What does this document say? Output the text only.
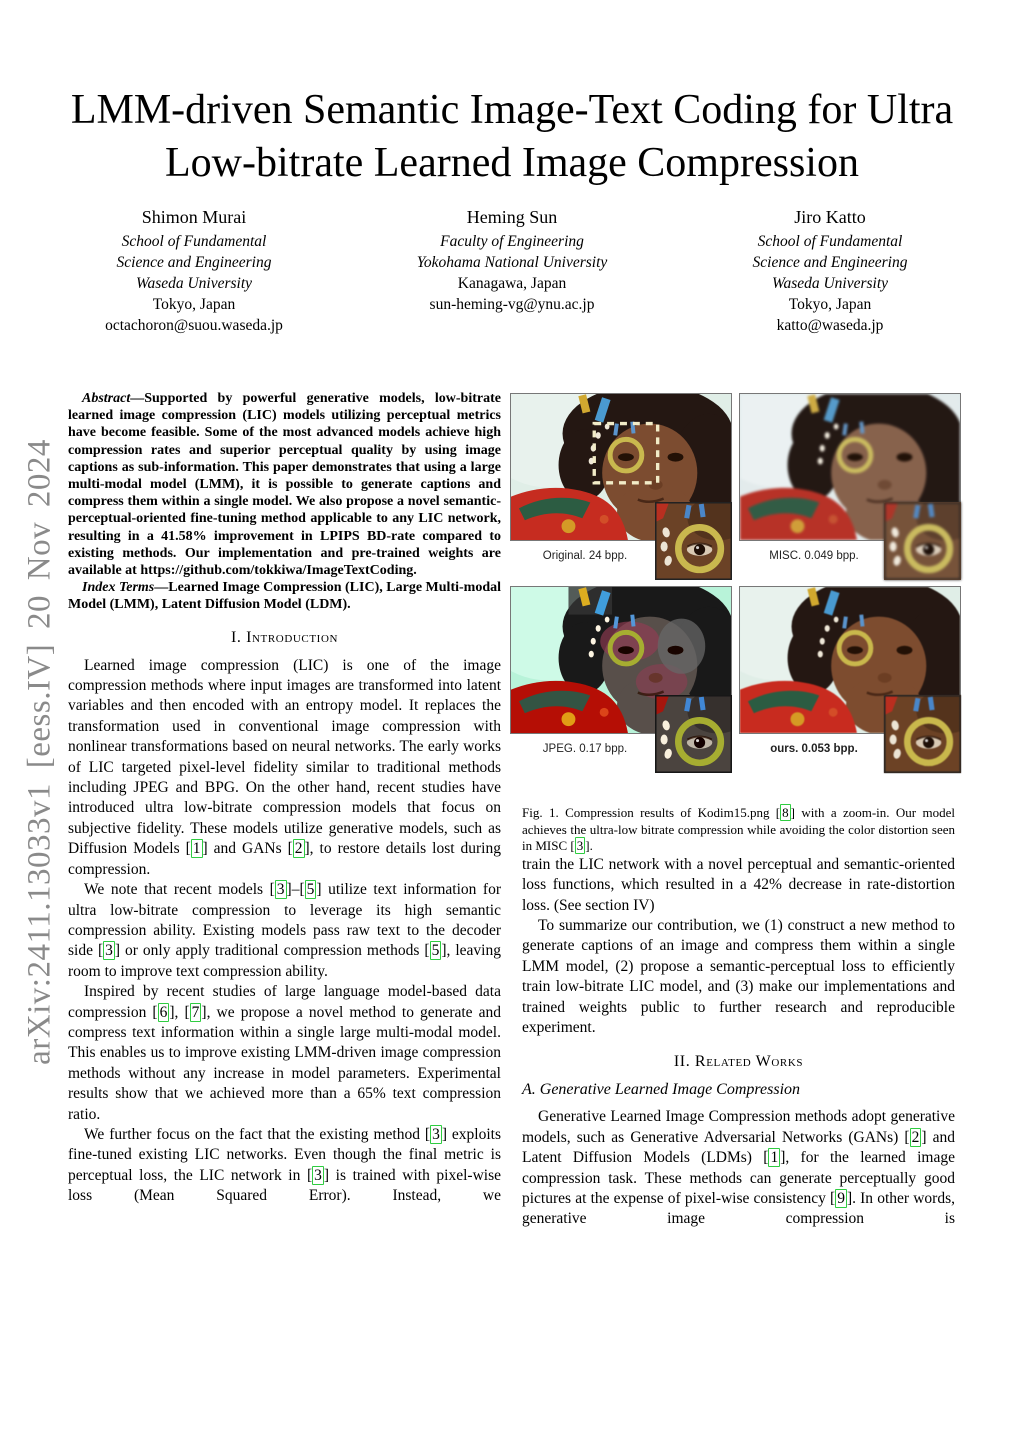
arXiv:2411.13033v1 [eess.IV] 20 Nov 2024
LMM-driven Semantic Image-Text Coding for Ultra
Low-bitrate Learned Image Compression
Shimon Murai
School of Fundamental
Science and Engineering
Waseda University
Tokyo, Japan
octachoron@suou.waseda.jp
Heming Sun
Faculty of Engineering
Yokohama National University
Kanagawa, Japan
sun-heming-vg@ynu.ac.jp
Jiro Katto
School of Fundamental
Science and Engineering
Waseda University
Tokyo, Japan
katto@waseda.jp

Abstract—Supported by powerful generative models, low-bitrate learned image compression (LIC) models utilizing perceptual metrics have become feasible. Some of the most advanced models achieve high compression rates and superior perceptual quality by using image captions as sub-information. This paper demonstrates that using a large multi-modal model (LMM), it is possible to generate captions and compress them within a single model. We also propose a novel semantic-perceptual-oriented fine-tuning method applicable to any LIC network, resulting in a 41.58% improvement in LPIPS BD-rate compared to existing methods. Our implementation and pre-trained weights are available at https://github.com/tokkiwa/ImageTextCoding.

Index Terms—Learned Image Compression (LIC), Large Multi-modal Model (LMM), Latent Diffusion Model (LDM).

I. Introduction

Learned image compression (LIC) is one of the image compression methods where input images are transformed into latent variables and then encoded with an entropy model. It replaces the transformation used in conventional image compression with nonlinear transformations based on neural networks. The early works of LIC targeted pixel-level fidelity similar to traditional methods including JPEG and BPG. On the other hand, recent studies have introduced ultra low-bitrate compression models that focus on subjective fidelity. These models utilize generative models, such as Diffusion Models [ 1 ] and GANs [ 2 ], to restore details lost during compression.

We note that recent models [ 3 ]–[ 5 ] utilize text information for ultra low-bitrate compression to leverage its high semantic compression ability. Existing models pass raw text to the decoder side [ 3 ] or only apply traditional compression methods [ 5 ], leaving room to improve text compression ability.

Inspired by recent studies of large language model-based data compression [ 6 ], [ 7 ], we propose a novel method to generate and compress text information within a single large multi-modal model. This enables us to improve existing LMM-driven image compression methods without any increase in model parameters. Experimental results show that we achieved more than a 65% text compression ratio.

We further focus on the fact that the existing method [ 3 ] exploits fine-tuned existing LIC networks. Even though the final metric is perceptual loss, the LIC network in [ 3 ] is trained with pixel-wise loss (Mean Squared Error). Instead, we

Original. 24 bpp.	MISC. 0.049 bpp.
JPEG. 0.17 bpp.	ours. 0.053 bpp.
Fig. 1. Compression results of Kodim15.png [ 8 ] with a zoom-in. Our model achieves the ultra-low bitrate compression while avoiding the color distortion seen in MISC [ 3 ].

train the LIC network with a novel perceptual and semantic-oriented loss functions, which resulted in a 42% decrease in rate-distortion loss. (See section IV)

To summarize our contribution, we (1) construct a new method to generate captions of an image and compress them within a single LMM model, (2) propose a semantic-perceptual loss to efficiently train low-bitrate LIC model, and (3) make our implementations and trained weights public to further research and reproducible experiment.

II. Related Works
A. Generative Learned Image Compression

Generative Learned Image Compression methods adopt generative models, such as Generative Adversarial Networks (GANs) [ 2 ] and Latent Diffusion Models (LDMs) [ 1 ], for the learned image compression task. These methods can generate perceptually good pictures at the expense of pixel-wise consistency [ 9 ]. In other words, generative image compression is
